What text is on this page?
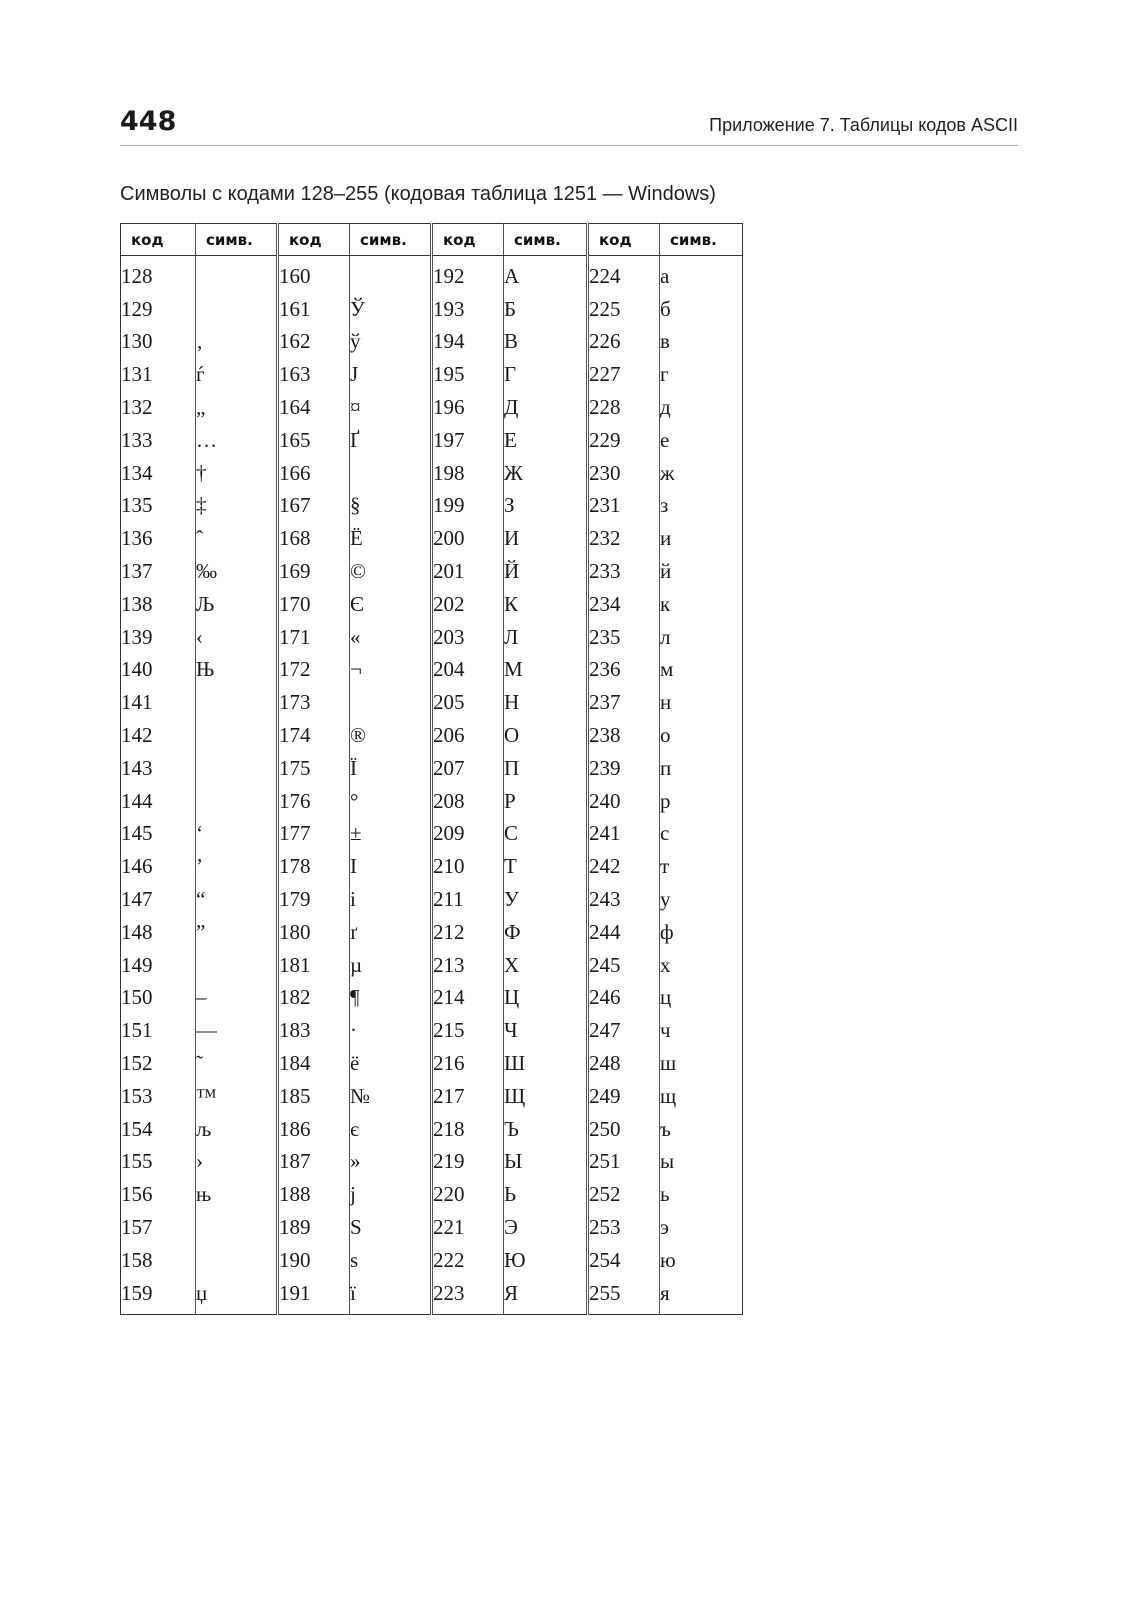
448	Приложение 7. Таблицы кодов ASCII
Символы с кодами 128–255 (кодовая таблица 1251 — Windows)
код	симв.	код	симв.	код	симв.	код	симв.
128		160		192	А	224	а
129		161	Ў	193	Б	225	б
130	‚	162	ў	194	В	226	в
131	ѓ	163	Ј	195	Г	227	г
132	„	164	¤	196	Д	228	д
133	…	165	Ґ	197	Е	229	е
134	†	166		198	Ж	230	ж
135	‡	167	§	199	З	231	з
136	ˆ	168	Ё	200	И	232	и
137	‰	169	©	201	Й	233	й
138	Љ	170	Є	202	К	234	к
139	‹	171	«	203	Л	235	л
140	Њ	172	¬	204	М	236	м
141		173		205	Н	237	н
142		174	®	206	О	238	о
143		175	Ї	207	П	239	п
144		176	°	208	Р	240	р
145	‘	177	±	209	С	241	с
146	’	178	І	210	Т	242	т
147	“	179	і	211	У	243	у
148	”	180	ґ	212	Ф	244	ф
149		181	µ	213	Х	245	х
150	–	182	¶	214	Ц	246	ц
151	—	183	·	215	Ч	247	ч
152	˜	184	ё	216	Ш	248	ш
153	™	185	№	217	Щ	249	щ
154	љ	186	є	218	Ъ	250	ъ
155	›	187	»	219	Ы	251	ы
156	њ	188	ј	220	Ь	252	ь
157		189	Ѕ	221	Э	253	э
158		190	ѕ	222	Ю	254	ю
159	џ	191	ї	223	Я	255	я
